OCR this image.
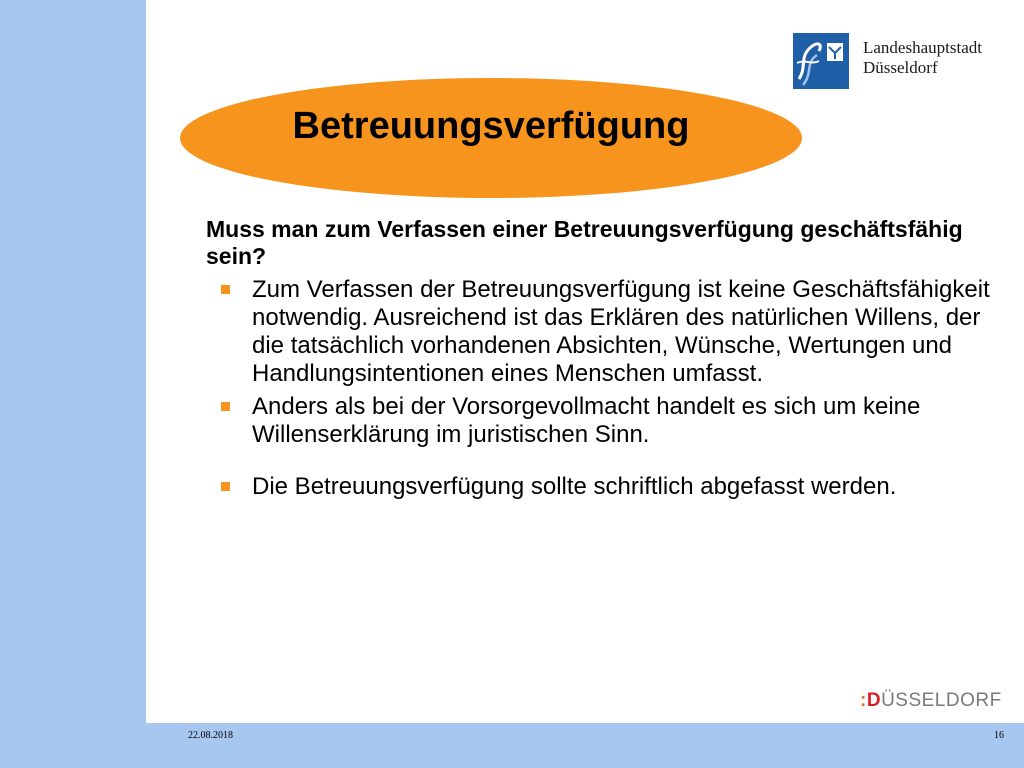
Landeshauptstadt
Düsseldorf
Betreuungsverfügung

Muss man zum Verfassen einer Betreuungsverfügung geschäftsfähig sein?

Zum Verfassen der Betreuungsverfügung ist keine Geschäftsfähigkeit notwendig. Ausreichend ist das Erklären des natürlichen Willens, der die tatsächlich vorhandenen Absichten, Wünsche, Wertungen und Handlungsintentionen eines Menschen umfasst.
Anders als bei der Vorsorgevollmacht handelt es sich um keine Willenserklärung im juristischen Sinn.
Die Betreuungsverfügung sollte schriftlich abgefasst werden.
:DÜSSELDORF
22.08.2018	16
